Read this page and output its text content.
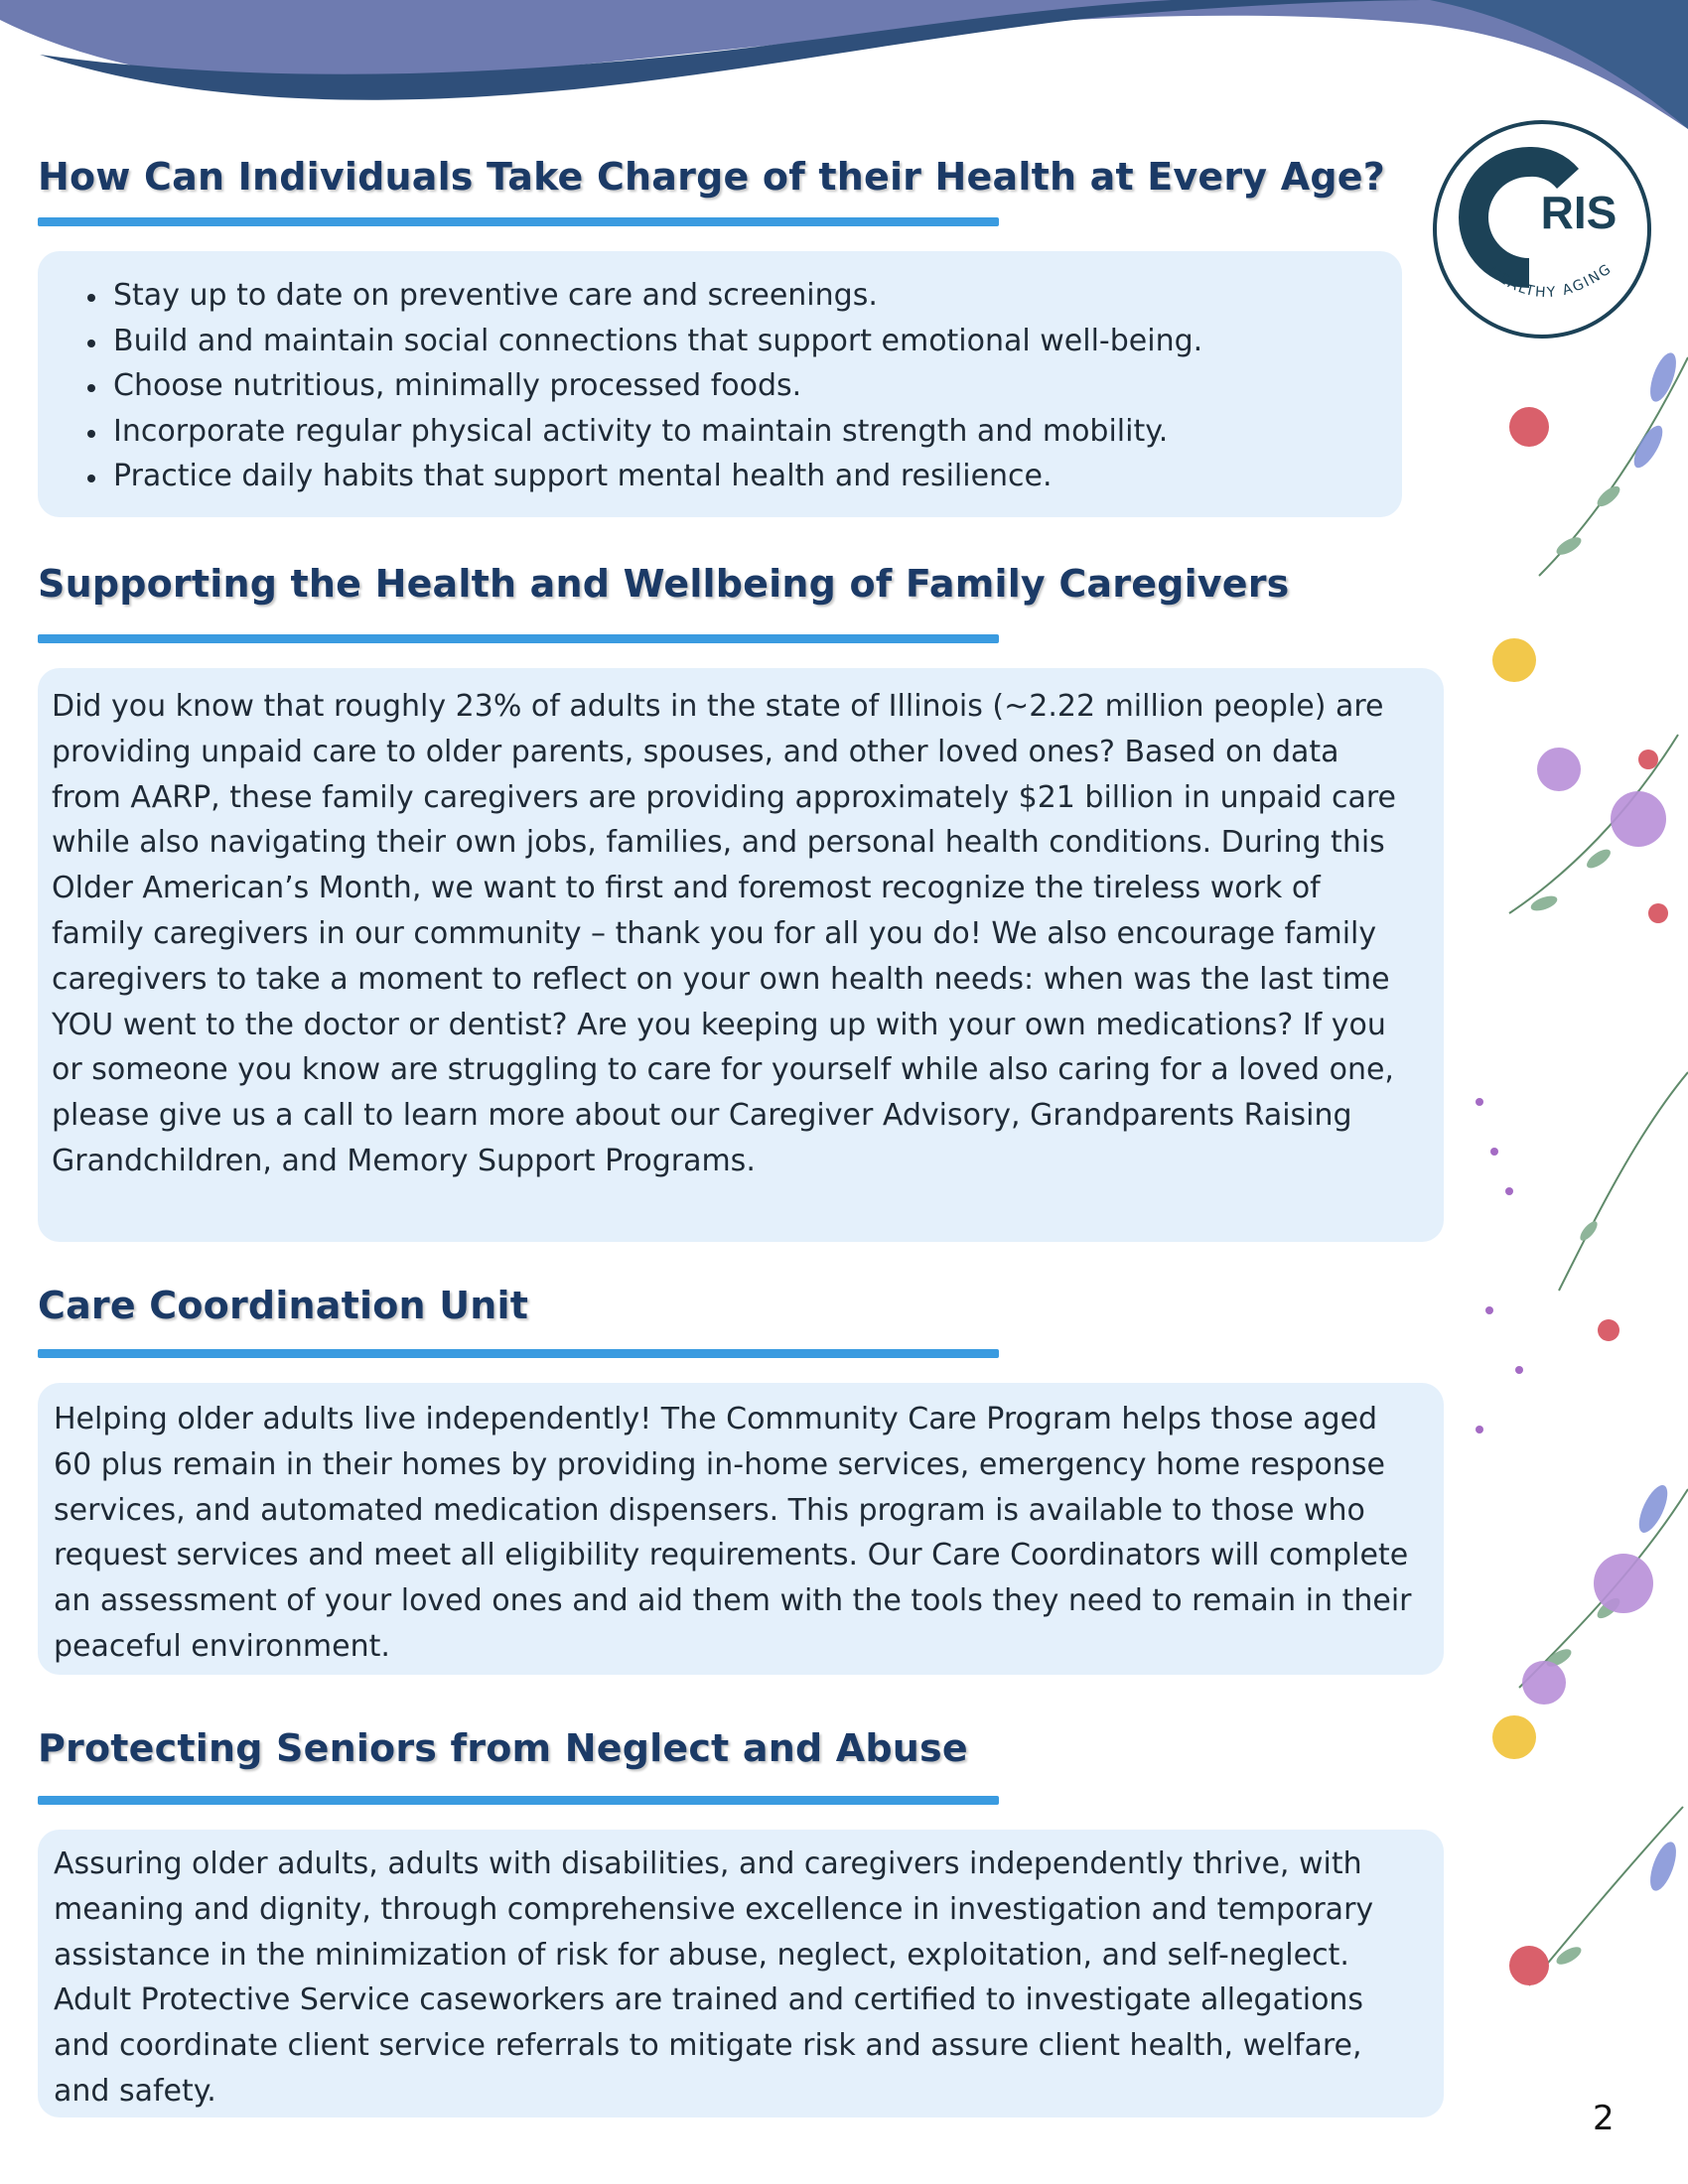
RIS
HEALTHY AGING
How Can Individuals Take Charge of their Health at Every Age?
• Stay up to date on preventive care and screenings.
• Build and maintain social connections that support emotional well-being.
• Choose nutritious, minimally processed foods.
• Incorporate regular physical activity to maintain strength and mobility.
• Practice daily habits that support mental health and resilience.
Supporting the Health and Wellbeing of Family Caregivers

Did you know that roughly 23% of adults in the state of Illinois (~2.22 million people) are providing unpaid care to older parents, spouses, and other loved ones? Based on data from AARP, these family caregivers are providing approximately $21 billion in unpaid care while also navigating their own jobs, families, and personal health conditions. During this Older American’s Month, we want to first and foremost recognize the tireless work of family caregivers in our community – thank you for all you do! We also encourage family caregivers to take a moment to reflect on your own health needs: when was the last time YOU went to the doctor or dentist? Are you keeping up with your own medications? If you or someone you know are struggling to care for yourself while also caring for a loved one, please give us a call to learn more about our Caregiver Advisory, Grandparents Raising Grandchildren, and Memory Support Programs.

Care Coordination Unit

Helping older adults live independently! The Community Care Program helps those aged 60 plus remain in their homes by providing in-home services, emergency home response services, and automated medication dispensers. This program is available to those who request services and meet all eligibility requirements. Our Care Coordinators will complete an assessment of your loved ones and aid them with the tools they need to remain in their peaceful environment.

Protecting Seniors from Neglect and Abuse

Assuring older adults, adults with disabilities, and caregivers independently thrive, with meaning and dignity, through comprehensive excellence in investigation and temporary assistance in the minimization of risk for abuse, neglect, exploitation, and self-neglect. Adult Protective Service caseworkers are trained and certified to investigate allegations and coordinate client service referrals to mitigate risk and assure client health, welfare, and safety.

2
